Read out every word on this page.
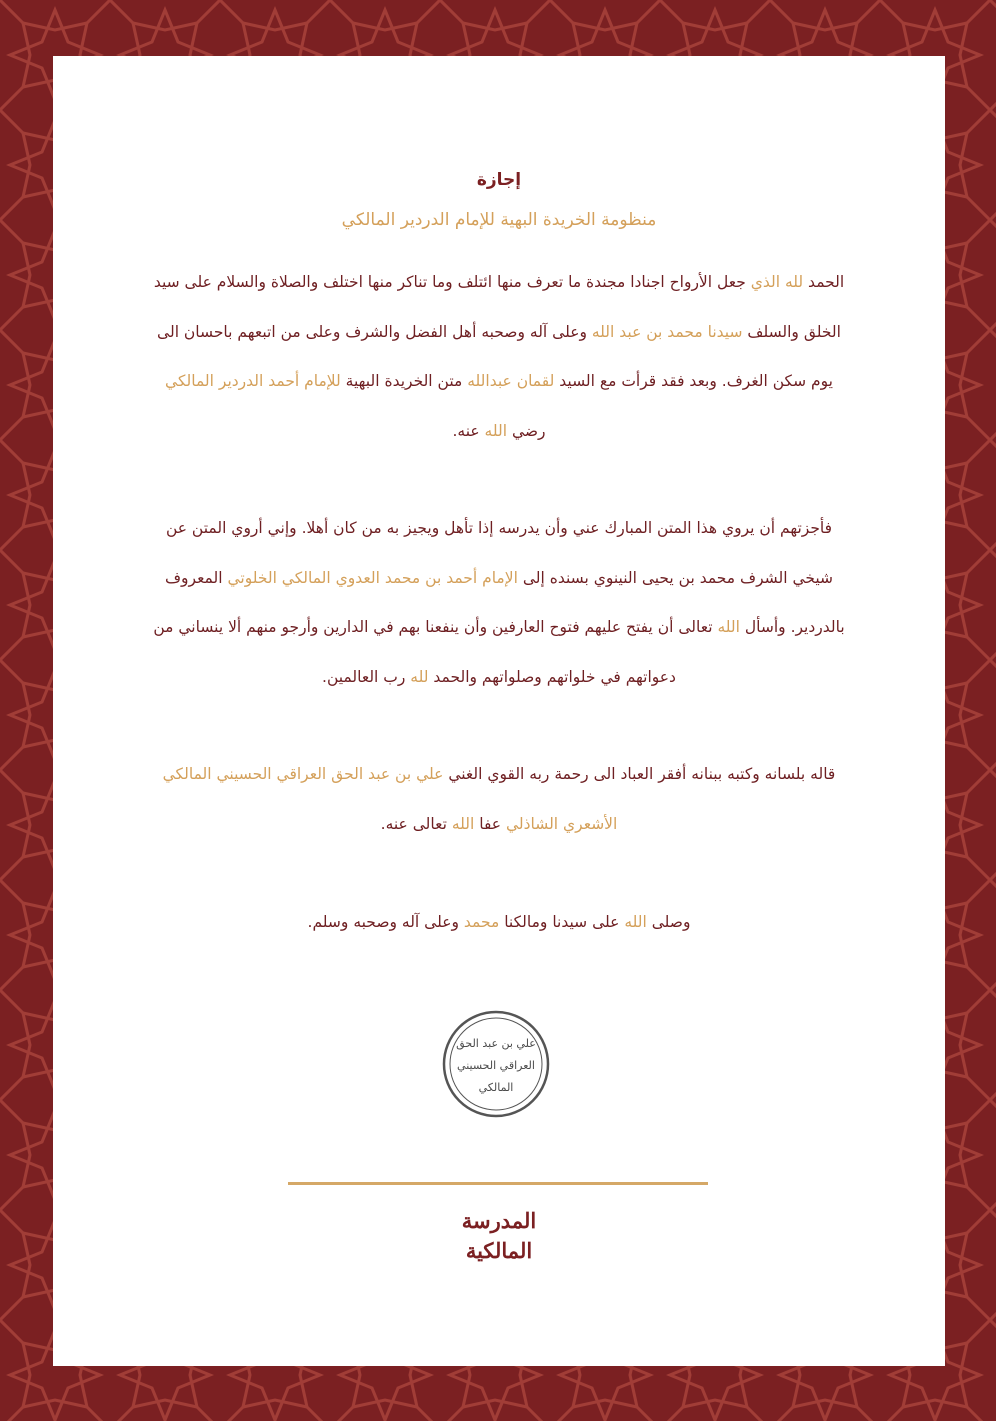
إجازة
منظومة الخريدة البهية للإمام الدردير المالكي
الحمد لله الذي جعل الأرواح اجنادا مجندة ما تعرف منها ائتلف وما تناكر منها اختلف والصلاة والسلام على سيد الخلق والسلف سيدنا محمد بن عبد الله وعلى آله وصحبه أهل الفضل والشرف وعلى من اتبعهم باحسان الى يوم سكن الغرف. وبعد فقد قرأت مع السيد لقمان عبدالله متن الخريدة البهية للإمام أحمد الدردير المالكي رضي الله عنه.
فأجزتهم أن يروي هذا المتن المبارك عني وأن يدرسه إذا تأهل ويجيز به من كان أهلا. وإني أروي المتن عن شيخي الشرف محمد بن يحيى النينوي بسنده إلى الإمام أحمد بن محمد العدوي المالكي الخلوتي المعروف بالدردير. وأسأل الله تعالى أن يفتح عليهم فتوح العارفين وأن ينفعنا بهم في الدارين وأرجو منهم ألا ينساني من دعواتهم في خلواتهم وصلواتهم والحمد لله رب العالمين.
قاله بلسانه وكتبه ببنانه أفقر العباد الى رحمة ربه القوي الغني علي بن عبد الحق العراقي الحسيني المالكي الأشعري الشاذلي عفا الله تعالى عنه.
وصلى الله على سيدنا ومالكنا محمد وعلى آله وصحبه وسلم.
علي بن عبد الحق
العراقي الحسيني
المالكي
المدرسة
المالكية
